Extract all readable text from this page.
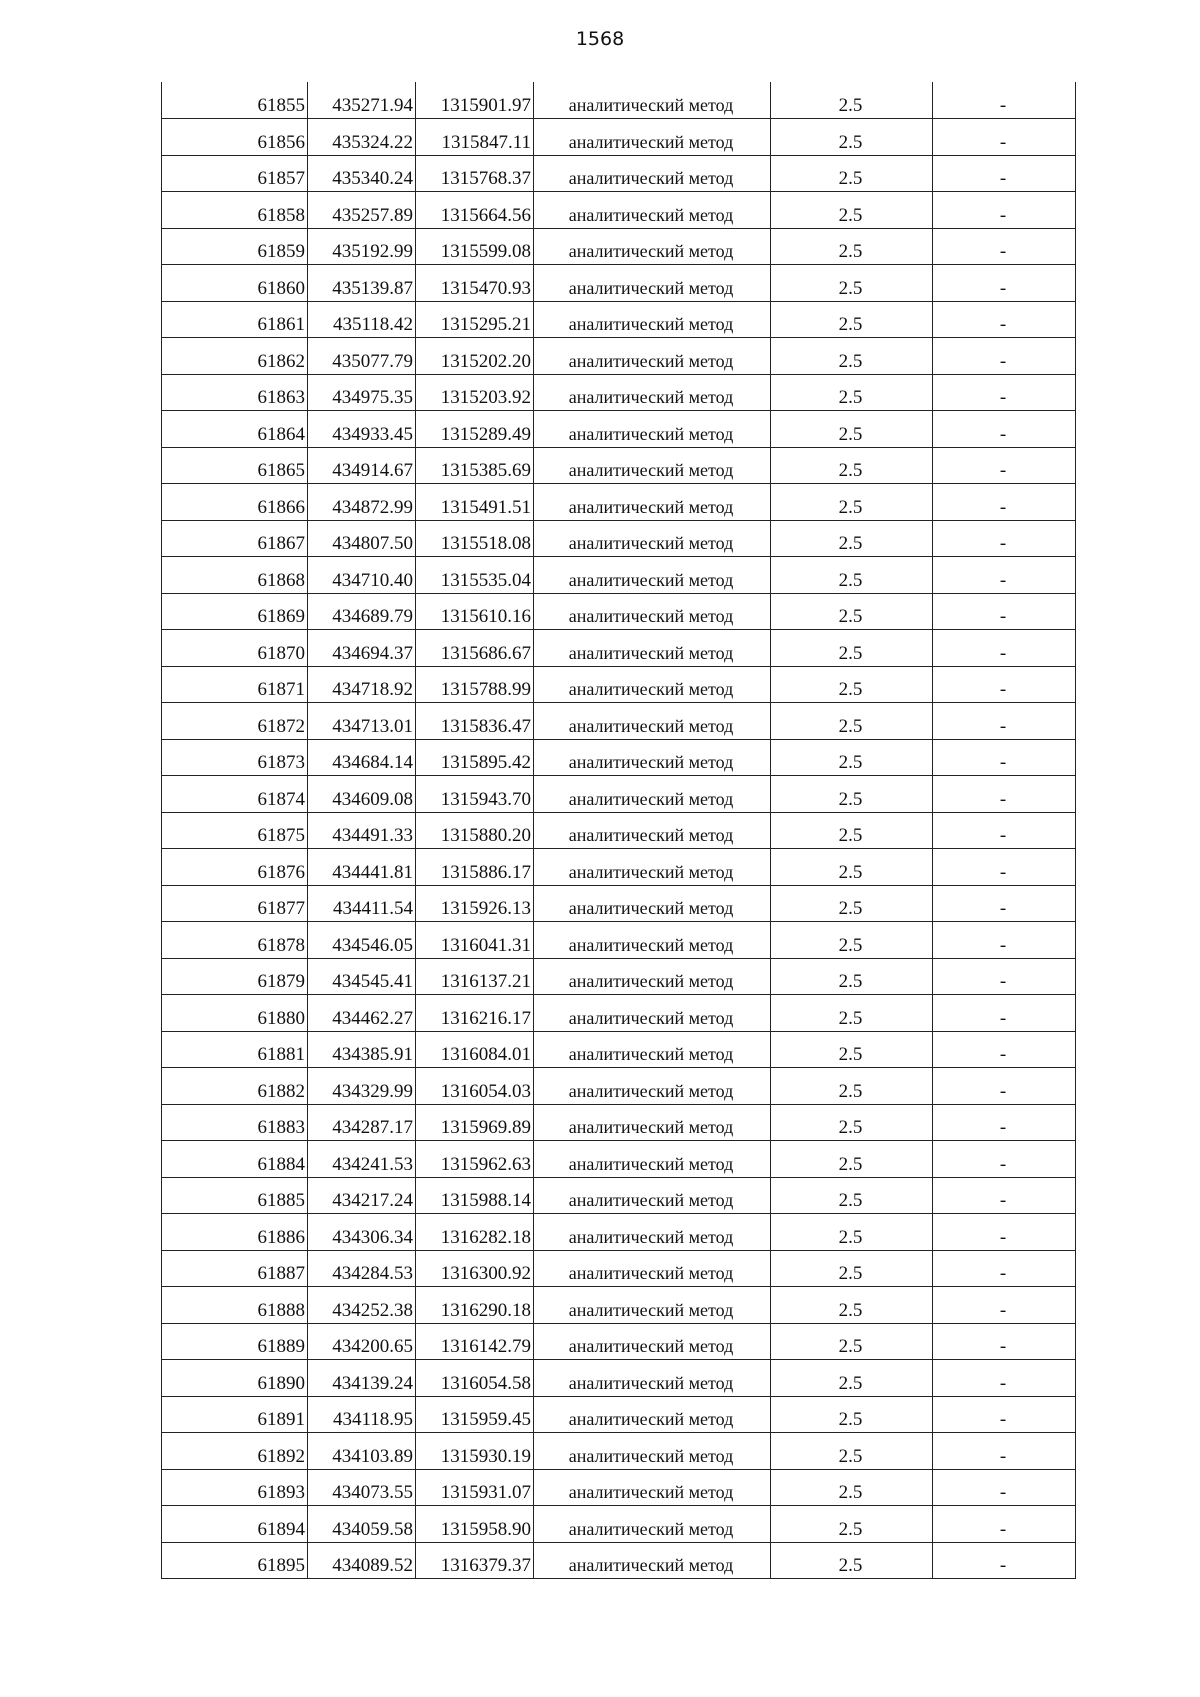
1568
61855	435271.94	1315901.97	аналитический метод	2.5	-
61856	435324.22	1315847.11	аналитический метод	2.5	-
61857	435340.24	1315768.37	аналитический метод	2.5	-
61858	435257.89	1315664.56	аналитический метод	2.5	-
61859	435192.99	1315599.08	аналитический метод	2.5	-
61860	435139.87	1315470.93	аналитический метод	2.5	-
61861	435118.42	1315295.21	аналитический метод	2.5	-
61862	435077.79	1315202.20	аналитический метод	2.5	-
61863	434975.35	1315203.92	аналитический метод	2.5	-
61864	434933.45	1315289.49	аналитический метод	2.5	-
61865	434914.67	1315385.69	аналитический метод	2.5	-
61866	434872.99	1315491.51	аналитический метод	2.5	-
61867	434807.50	1315518.08	аналитический метод	2.5	-
61868	434710.40	1315535.04	аналитический метод	2.5	-
61869	434689.79	1315610.16	аналитический метод	2.5	-
61870	434694.37	1315686.67	аналитический метод	2.5	-
61871	434718.92	1315788.99	аналитический метод	2.5	-
61872	434713.01	1315836.47	аналитический метод	2.5	-
61873	434684.14	1315895.42	аналитический метод	2.5	-
61874	434609.08	1315943.70	аналитический метод	2.5	-
61875	434491.33	1315880.20	аналитический метод	2.5	-
61876	434441.81	1315886.17	аналитический метод	2.5	-
61877	434411.54	1315926.13	аналитический метод	2.5	-
61878	434546.05	1316041.31	аналитический метод	2.5	-
61879	434545.41	1316137.21	аналитический метод	2.5	-
61880	434462.27	1316216.17	аналитический метод	2.5	-
61881	434385.91	1316084.01	аналитический метод	2.5	-
61882	434329.99	1316054.03	аналитический метод	2.5	-
61883	434287.17	1315969.89	аналитический метод	2.5	-
61884	434241.53	1315962.63	аналитический метод	2.5	-
61885	434217.24	1315988.14	аналитический метод	2.5	-
61886	434306.34	1316282.18	аналитический метод	2.5	-
61887	434284.53	1316300.92	аналитический метод	2.5	-
61888	434252.38	1316290.18	аналитический метод	2.5	-
61889	434200.65	1316142.79	аналитический метод	2.5	-
61890	434139.24	1316054.58	аналитический метод	2.5	-
61891	434118.95	1315959.45	аналитический метод	2.5	-
61892	434103.89	1315930.19	аналитический метод	2.5	-
61893	434073.55	1315931.07	аналитический метод	2.5	-
61894	434059.58	1315958.90	аналитический метод	2.5	-
61895	434089.52	1316379.37	аналитический метод	2.5	-
